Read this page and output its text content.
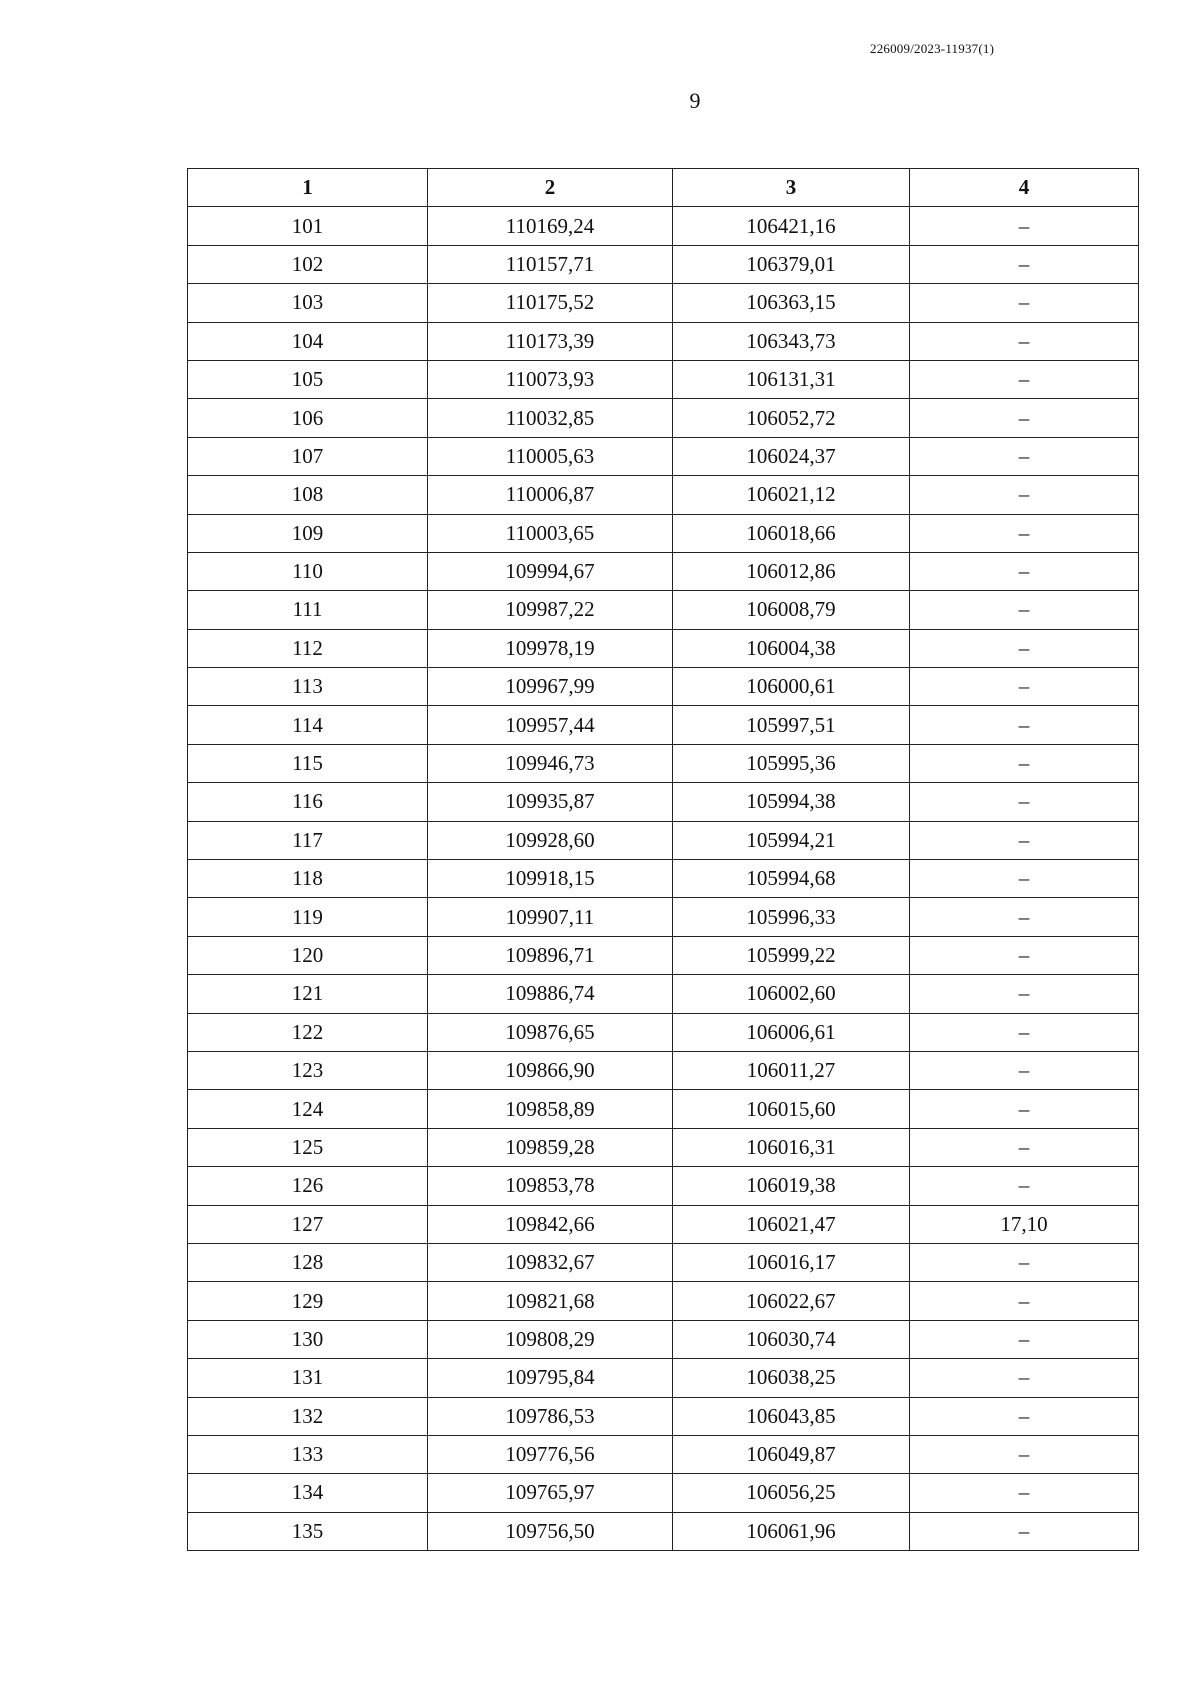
226009/2023-11937(1)
9
1	2	3	4
101	110169,24	106421,16	–
102	110157,71	106379,01	–
103	110175,52	106363,15	–
104	110173,39	106343,73	–
105	110073,93	106131,31	–
106	110032,85	106052,72	–
107	110005,63	106024,37	–
108	110006,87	106021,12	–
109	110003,65	106018,66	–
110	109994,67	106012,86	–
111	109987,22	106008,79	–
112	109978,19	106004,38	–
113	109967,99	106000,61	–
114	109957,44	105997,51	–
115	109946,73	105995,36	–
116	109935,87	105994,38	–
117	109928,60	105994,21	–
118	109918,15	105994,68	–
119	109907,11	105996,33	–
120	109896,71	105999,22	–
121	109886,74	106002,60	–
122	109876,65	106006,61	–
123	109866,90	106011,27	–
124	109858,89	106015,60	–
125	109859,28	106016,31	–
126	109853,78	106019,38	–
127	109842,66	106021,47	17,10
128	109832,67	106016,17	–
129	109821,68	106022,67	–
130	109808,29	106030,74	–
131	109795,84	106038,25	–
132	109786,53	106043,85	–
133	109776,56	106049,87	–
134	109765,97	106056,25	–
135	109756,50	106061,96	–
